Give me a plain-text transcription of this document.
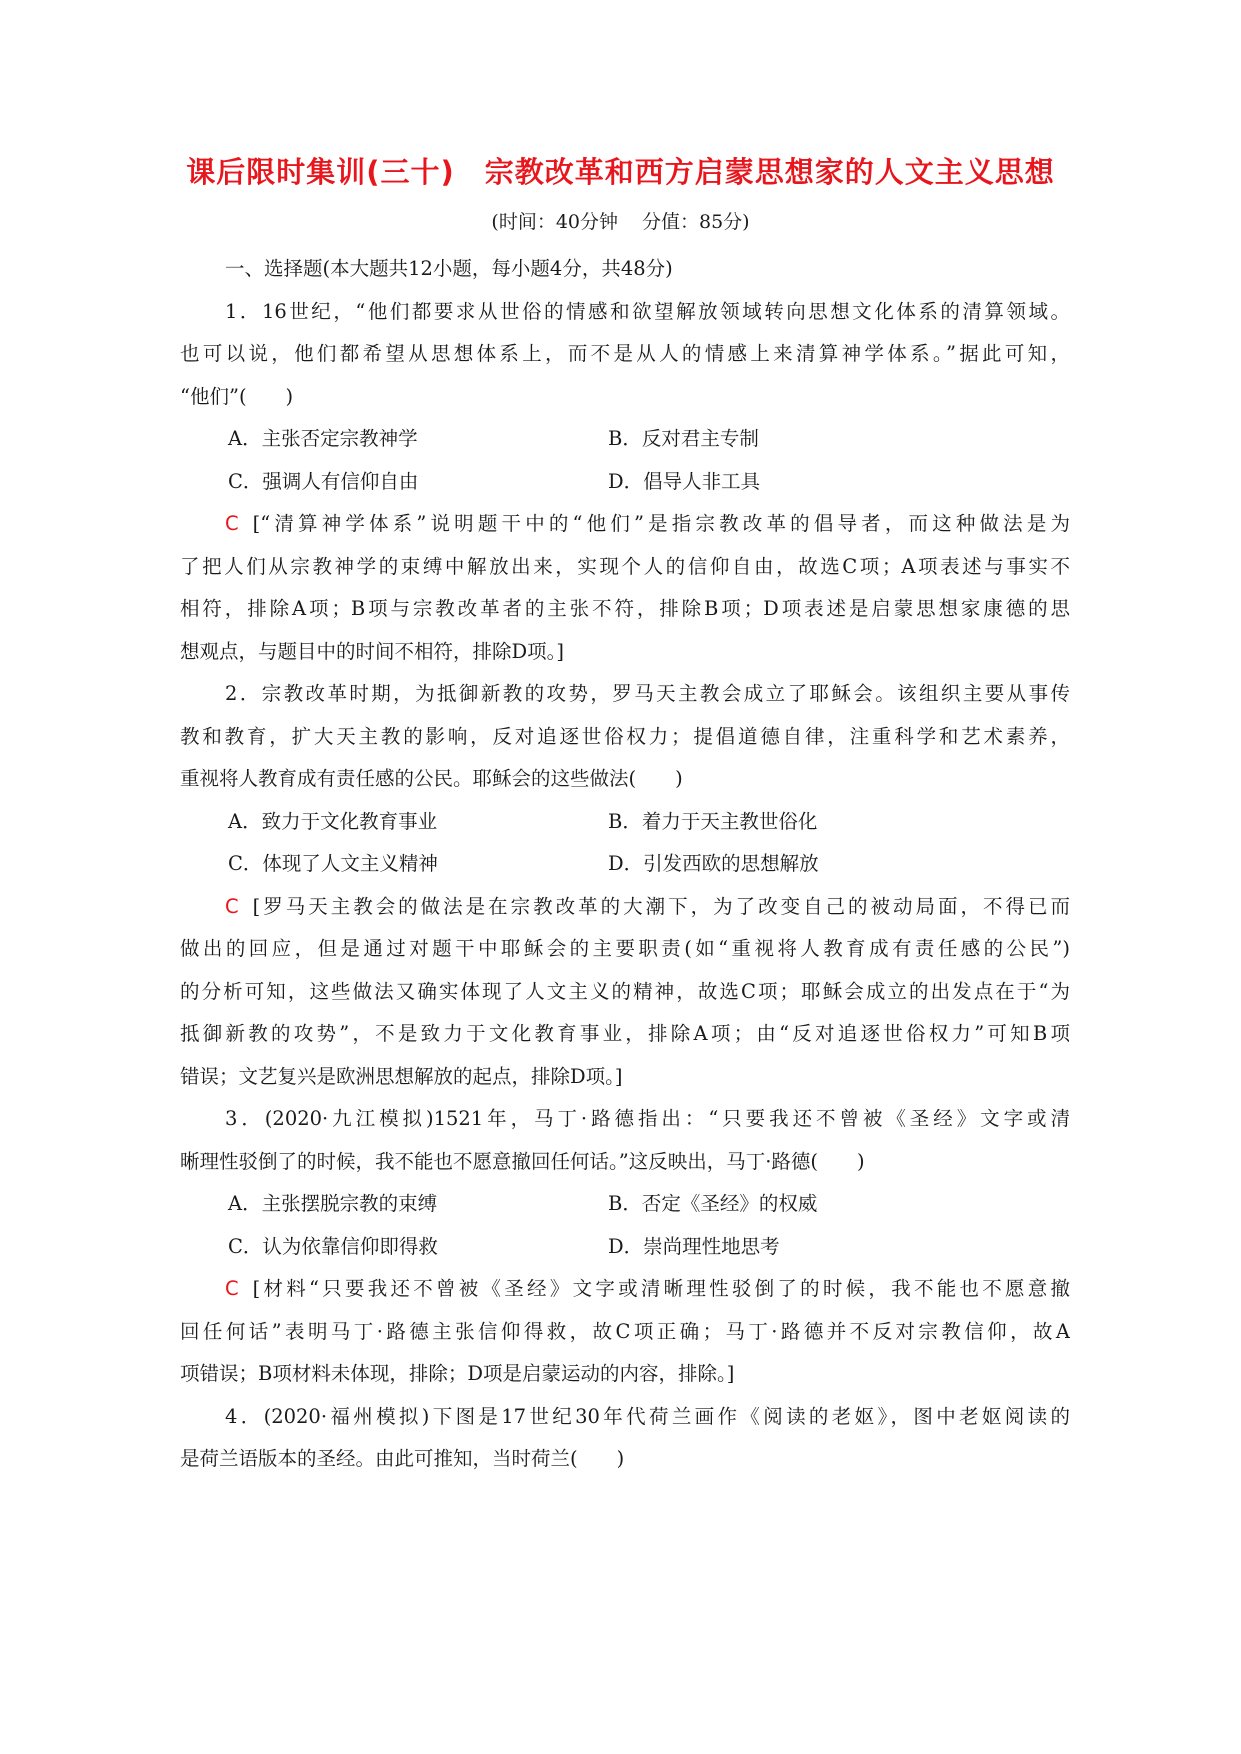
课后限时集训(三十) 宗教改革和西方启蒙思想家的人文主义思想
(时间：40分钟 分值：85分)
一、选择题(本大题共12小题，每小题4分，共48分)
1．16世纪，“他们都要求从世俗的情感和欲望解放领域转向思想文化体系的清算领域。
也可以说，他们都希望从思想体系上，而不是从人的情感上来清算神学体系。”据此可知，
“他们”(　　)
A．主张否定宗教神学	B．反对君主专制
C．强调人有信仰自由	D．倡导人非工具
C [“清算神学体系”说明题干中的“他们”是指宗教改革的倡导者，而这种做法是为
了把人们从宗教神学的束缚中解放出来，实现个人的信仰自由，故选C项；A项表述与事实不
相符，排除A项；B项与宗教改革者的主张不符，排除B项；D项表述是启蒙思想家康德的思
想观点，与题目中的时间不相符，排除D项。]
2．宗教改革时期，为抵御新教的攻势，罗马天主教会成立了耶稣会。该组织主要从事传
教和教育，扩大天主教的影响，反对追逐世俗权力；提倡道德自律，注重科学和艺术素养，
重视将人教育成有责任感的公民。耶稣会的这些做法(　　)
A．致力于文化教育事业	B．着力于天主教世俗化
C．体现了人文主义精神	D．引发西欧的思想解放
C [罗马天主教会的做法是在宗教改革的大潮下，为了改变自己的被动局面，不得已而
做出的回应，但是通过对题干中耶稣会的主要职责(如“重视将人教育成有责任感的公民”)
的分析可知，这些做法又确实体现了人文主义的精神，故选C项；耶稣会成立的出发点在于“为
抵御新教的攻势”，不是致力于文化教育事业，排除A项；由“反对追逐世俗权力”可知B项
错误；文艺复兴是欧洲思想解放的起点，排除D项。]
3．(2020·九江模拟)1521年，马丁·路德指出：“只要我还不曾被《圣经》文字或清
晰理性驳倒了的时候，我不能也不愿意撤回任何话。”这反映出，马丁·路德(　　)
A．主张摆脱宗教的束缚	B．否定《圣经》的权威
C．认为依靠信仰即得救	D．崇尚理性地思考
C [材料“只要我还不曾被《圣经》文字或清晰理性驳倒了的时候，我不能也不愿意撤
回任何话”表明马丁·路德主张信仰得救，故C项正确；马丁·路德并不反对宗教信仰，故A
项错误；B项材料未体现，排除；D项是启蒙运动的内容，排除。]
4．(2020·福州模拟)下图是17世纪30年代荷兰画作《阅读的老妪》，图中老妪阅读的
是荷兰语版本的圣经。由此可推知，当时荷兰(　　)
